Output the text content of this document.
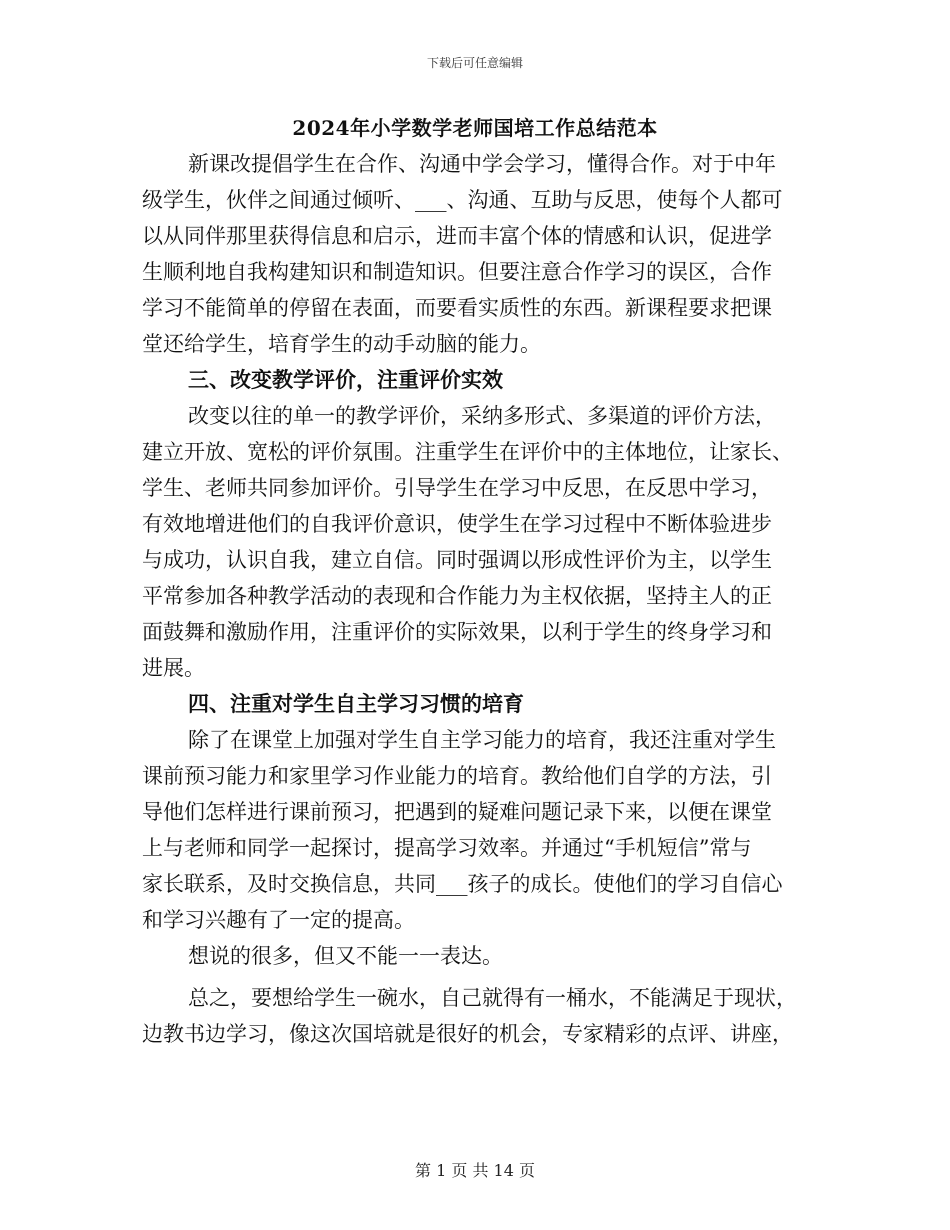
下载后可任意编辑
2024年小学数学老师国培工作总结范本
新课改提倡学生在合作、沟通中学会学习，懂得合作。对于中年
级学生，伙伴之间通过倾听、___、沟通、互助与反思，使每个人都可
以从同伴那里获得信息和启示，进而丰富个体的情感和认识，促进学
生顺利地自我构建知识和制造知识。但要注意合作学习的误区，合作
学习不能简单的停留在表面，而要看实质性的东西。新课程要求把课
堂还给学生，培育学生的动手动脑的能力。
三、改变教学评价，注重评价实效
改变以往的单一的教学评价，采纳多形式、多渠道的评价方法，
建立开放、宽松的评价氛围。注重学生在评价中的主体地位，让家长、
学生、老师共同参加评价。引导学生在学习中反思，在反思中学习，
有效地增进他们的自我评价意识，使学生在学习过程中不断体验进步
与成功，认识自我，建立自信。同时强调以形成性评价为主，以学生
平常参加各种教学活动的表现和合作能力为主权依据，坚持主人的正
面鼓舞和激励作用，注重评价的实际效果，以利于学生的终身学习和
进展。
四、注重对学生自主学习习惯的培育
除了在课堂上加强对学生自主学习能力的培育，我还注重对学生
课前预习能力和家里学习作业能力的培育。教给他们自学的方法，引
导他们怎样进行课前预习，把遇到的疑难问题记录下来，以便在课堂
上与老师和同学一起探讨，提高学习效率。并通过“手机短信”常与
家长联系，及时交换信息，共同___孩子的成长。使他们的学习自信心
和学习兴趣有了一定的提高。
想说的很多，但又不能一一表达。
总之，要想给学生一碗水，自己就得有一桶水，不能满足于现状，
边教书边学习，像这次国培就是很好的机会，专家精彩的点评、讲座，
第 1 页 共 14 页
